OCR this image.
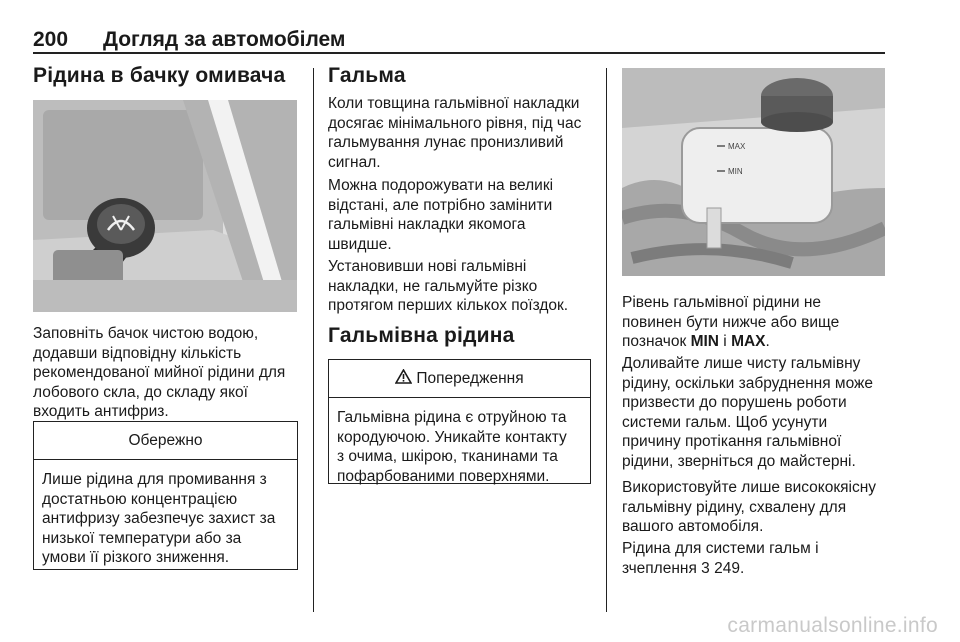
200 Догляд за автомобілем
Рідина в бачку омивача
Заповніть бачок чистою водою,
додавши відповідну кількість
рекомендованої мийної рідини для
лобового скла, до складу якої
входить антифриз.
Обережно
Лише рідина для промивання з
достатньою концентрацією
антифризу забезпечує захист за
низької температури або за
умови її різкого зниження.
Гальма
Коли товщина гальмівної накладки
досягає мінімального рівня, під час
гальмування лунає пронизливий
сигнал.
Можна подорожувати на великі
відстані, але потрібно замінити
гальмівні накладки якомога
швидше.
Установивши нові гальмівні
накладки, не гальмуйте різко
протягом перших кількох поїздок.
Гальмівна рідина
Попередження
Гальмівна рідина є отруйною та
кородуючою. Уникайте контакту
з очима, шкірою, тканинами та
пофарбованими поверхнями.
MAX
MIN
Рівень гальмівної рідини не
повинен бути нижче або вище
позначок MIN і MAX.
Доливайте лише чисту гальмівну
рідину, оскільки забруднення може
призвести до порушень роботи
системи гальм. Щоб усунути
причину протікання гальмівної
рідини, зверніться до майстерні.
Використовуйте лише висококяісну
гальмівну рідину, схвалену для
вашого автомобіля.
Рідина для системи гальм і
зчеплення 3 249.
carmanualsonline.info
